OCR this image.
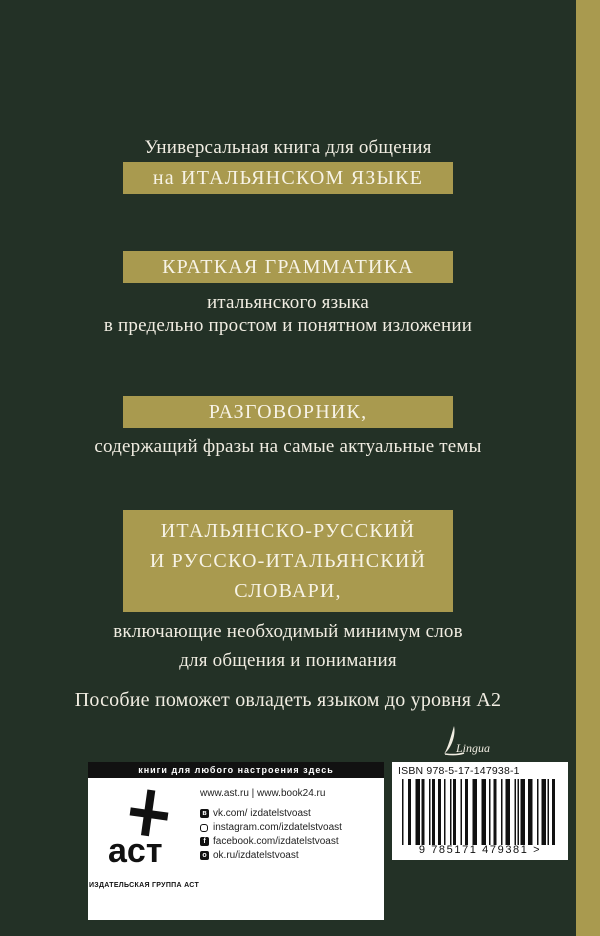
Универсальная книга для общения
на ИТАЛЬЯНСКОМ ЯЗЫКЕ
КРАТКАЯ ГРАММАТИКА
итальянского языка
в предельно простом и понятном изложении
РАЗГОВОРНИК,
содержащий фразы на самые актуальные темы
ИТАЛЬЯНСКО-РУССКИЙ
И РУССКО-ИТАЛЬЯНСКИЙ
СЛОВАРИ,
включающие необходимый минимум слов
для общения и понимания
Пособие поможет овладеть языком до уровня А2
Lingua
книги для любого настроения здесь
аст
ИЗДАТЕЛЬСКАЯ ГРУППА АСТ
www.ast.ru | www.book24.ru
в vk.com/ izdatelstvoast
instagram.com/izdatelstvoast
f facebook.com/izdatelstvoast
о ok.ru/izdatelstvoast
ISBN 978-5-17-147938-1
9 785171 479381 >
